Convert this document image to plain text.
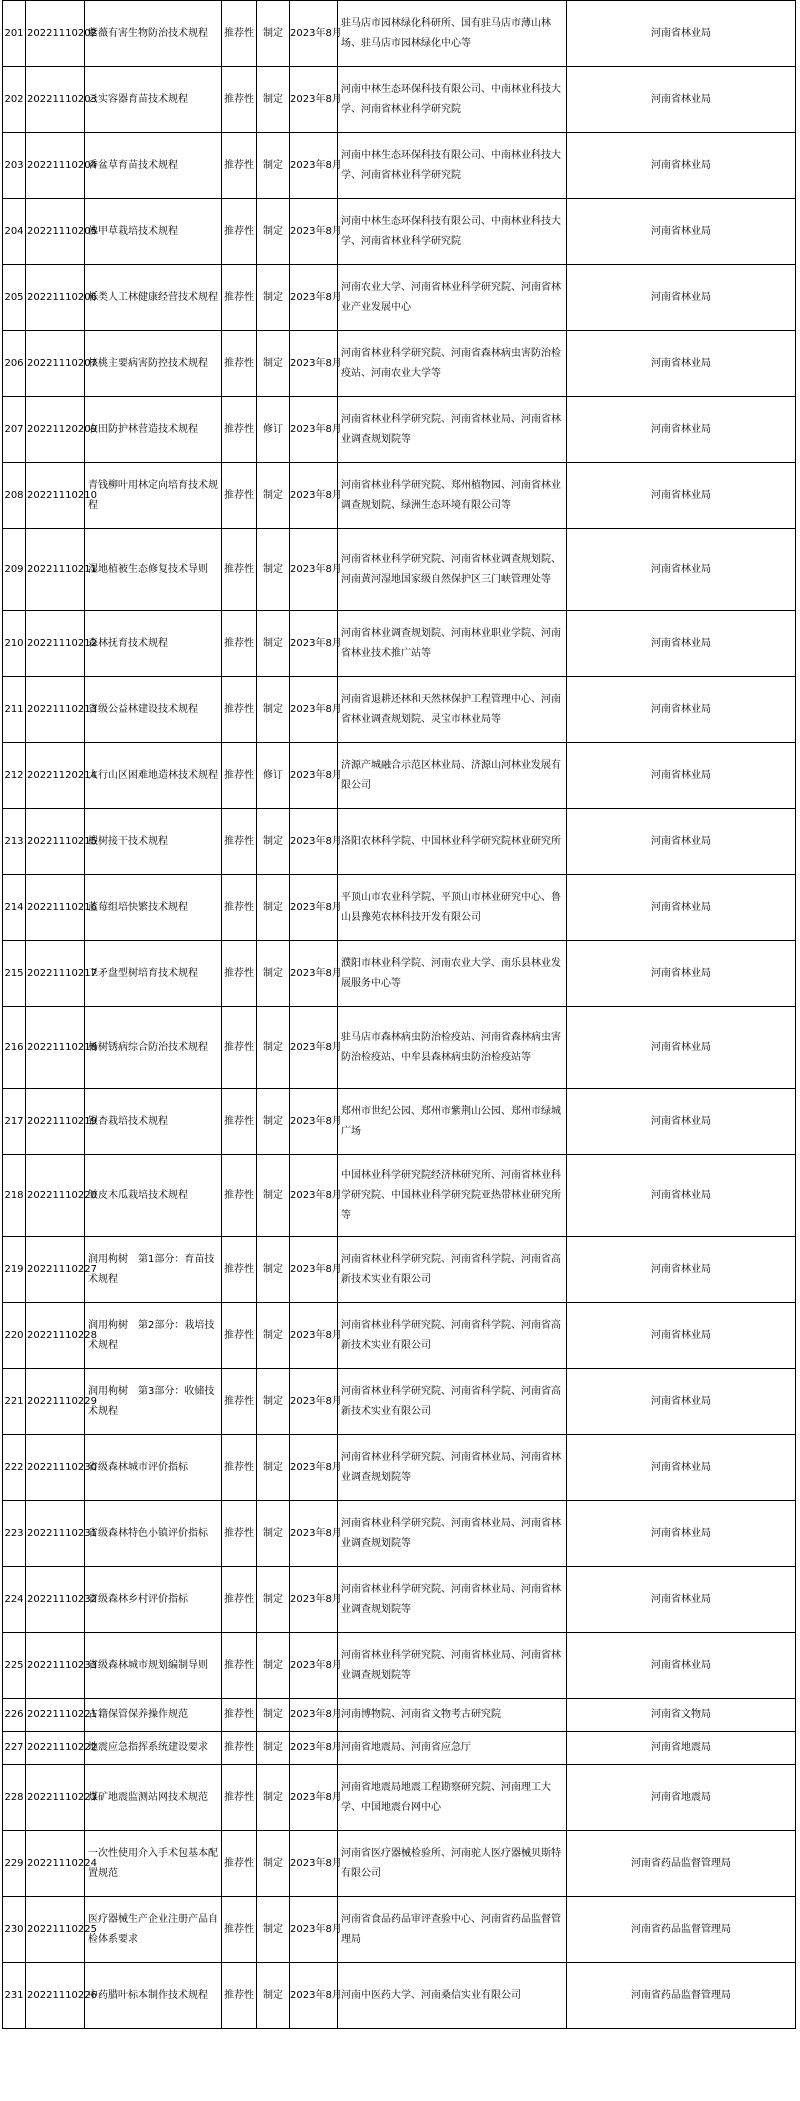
201	20221110202	紫薇有害生物防治技术规程	推荐性	制定	2023年8月	驻马店市园林绿化科研所、国有驻马店市薄山林场、驻马店市园林绿化中心等	河南省林业局
202	20221110203	云实容器育苗技术规程	推荐性	制定	2023年8月	河南中林生态环保科技有限公司、中南林业科技大学、河南省林业科学研究院	河南省林业局
203	20221110204	香盆草育苗技术规程	推荐性	制定	2023年8月	河南中林生态环保科技有限公司、中南林业科技大学、河南省林业科学研究院	河南省林业局
204	20221110205	佛甲草栽培技术规程	推荐性	制定	2023年8月	河南中林生态环保科技有限公司、中南林业科技大学、河南省林业科学研究院	河南省林业局
205	20221110206	栎类人工林健康经营技术规程	推荐性	制定	2023年8月	河南农业大学、河南省林业科学研究院、河南省林业产业发展中心	河南省林业局
206	20221110207	核桃主要病害防控技术规程	推荐性	制定	2023年8月	河南省林业科学研究院、河南省森林病虫害防治检疫站、河南农业大学等	河南省林业局
207	20221120209	农田防护林营造技术规程	推荐性	修订	2023年8月	河南省林业科学研究院、河南省林业局、河南省林业调查规划院等	河南省林业局
208	20221110210	青钱柳叶用林定向培育技术规程	推荐性	制定	2023年8月	河南省林业科学研究院、郑州植物园、河南省林业调查规划院、绿洲生态环境有限公司等	河南省林业局
209	20221110211	湿地植被生态修复技术导则	推荐性	制定	2023年8月	河南省林业科学研究院、河南省林业调查规划院、河南黄河湿地国家级自然保护区三门峡管理处等	河南省林业局
210	20221110212	森林抚育技术规程	推荐性	制定	2023年8月	河南省林业调查规划院、河南林业职业学院、河南省林业技术推广站等	河南省林业局
211	20221110213	省级公益林建设技术规程	推荐性	制定	2023年8月	河南省退耕还林和天然林保护工程管理中心、河南省林业调查规划院、灵宝市林业局等	河南省林业局
212	20221120214	太行山区困难地造林技术规程	推荐性	修订	2023年8月	济源产城融合示范区林业局、济源山河林业发展有限公司	河南省林业局
213	20221110215	椴树接干技术规程	推荐性	制定	2023年8月	洛阳农林科学院、中国林业科学研究院林业研究所	河南省林业局
214	20221110216	蓝莓组培快繁技术规程	推荐性	制定	2023年8月	平顶山市农业科学院、平顶山市林业研究中心、鲁山县豫苑农林科技开发有限公司	河南省林业局
215	20221110217	卫矛盘型树培育技术规程	推荐性	制定	2023年8月	濮阳市林业科学院、河南农业大学、南乐县林业发展服务中心等	河南省林业局
216	20221110218	杨树锈病综合防治技术规程	推荐性	制定	2023年8月	驻马店市森林病虫防治检疫站、河南省森林病虫害防治检疫站、中牟县森林病虫防治检疫站等	河南省林业局
217	20221110219	银杏栽培技术规程	推荐性	制定	2023年8月	郑州市世纪公园、郑州市紫荆山公园、郑州市绿城广场	河南省林业局
218	20221110220	皱皮木瓜栽培技术规程	推荐性	制定	2023年8月	中国林业科学研究院经济林研究所、河南省林业科学研究院、中国林业科学研究院亚热带林业研究所等	河南省林业局
219	20221110227	润用枸树　第1部分：育苗技术规程	推荐性	制定	2023年8月	河南省林业科学研究院、河南省科学院、河南省高新技术实业有限公司	河南省林业局
220	20221110228	润用枸树　第2部分：栽培技术规程	推荐性	制定	2023年8月	河南省林业科学研究院、河南省科学院、河南省高新技术实业有限公司	河南省林业局
221	20221110229	润用枸树　第3部分：收储技术规程	推荐性	制定	2023年8月	河南省林业科学研究院、河南省科学院、河南省高新技术实业有限公司	河南省林业局
222	20221110230	省级森林城市评价指标	推荐性	制定	2023年8月	河南省林业科学研究院、河南省林业局、河南省林业调查规划院等	河南省林业局
223	20221110231	省级森林特色小镇评价指标	推荐性	制定	2023年8月	河南省林业科学研究院、河南省林业局、河南省林业调查规划院等	河南省林业局
224	20221110232	省级森林乡村评价指标	推荐性	制定	2023年8月	河南省林业科学研究院、河南省林业局、河南省林业调查规划院等	河南省林业局
225	20221110233	省级森林城市规划编制导则	推荐性	制定	2023年8月	河南省林业科学研究院、河南省林业局、河南省林业调查规划院等	河南省林业局
226	20221110221	古籍保管保养操作规范	推荐性	制定	2023年8月	河南博物院、河南省文物考古研究院	河南省文物局
227	20221110222	地震应急指挥系统建设要求	推荐性	制定	2023年8月	河南省地震局、河南省应急厅	河南省地震局
228	20221110223	煤矿地震监测站网技术规范	推荐性	制定	2023年8月	河南省地震局地震工程勘察研究院、河南理工大学、中国地震台网中心	河南省地震局
229	20221110224	一次性使用介入手术包基本配置规范	推荐性	制定	2023年8月	河南省医疗器械检验所、河南驼人医疗器械贝斯特有限公司	河南省药品监督管理局
230	20221110225	医疗器械生产企业注册产品自检体系要求	推荐性	制定	2023年8月	河南省食品药品审评查验中心、河南省药品监督管理局	河南省药品监督管理局
231	20221110226	中药腊叶标本制作技术规程	推荐性	制定	2023年8月	河南中医药大学、河南桑信实业有限公司	河南省药品监督管理局
